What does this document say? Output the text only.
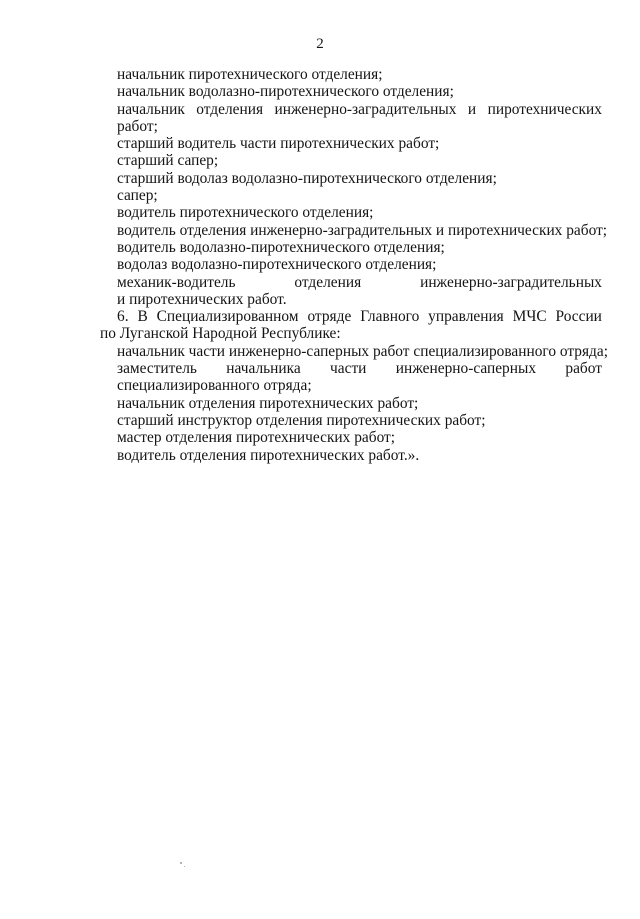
2
начальник пиротехнического отделения;
начальник водолазно-пиротехнического отделения;
начальник отделения инженерно-заградительных и пиротехнических
работ;
старший водитель части пиротехнических работ;
старший сапер;
старший водолаз водолазно-пиротехнического отделения;
сапер;
водитель пиротехнического отделения;
водитель отделения инженерно-заградительных и пиротехнических работ;
водитель водолазно-пиротехнического отделения;
водолаз водолазно-пиротехнического отделения;
механик-водитель	отделения	инженерно-заградительных
и пиротехнических работ.
6. В Специализированном отряде Главного управления МЧС России
по Луганской Народной Республике:
начальник части инженерно-саперных работ специализированного отряда;
заместитель начальника части инженерно-саперных работ
специализированного отряда;
начальник отделения пиротехнических работ;
старший инструктор отделения пиротехнических работ;
мастер отделения пиротехнических работ;
водитель отделения пиротехнических работ.».
